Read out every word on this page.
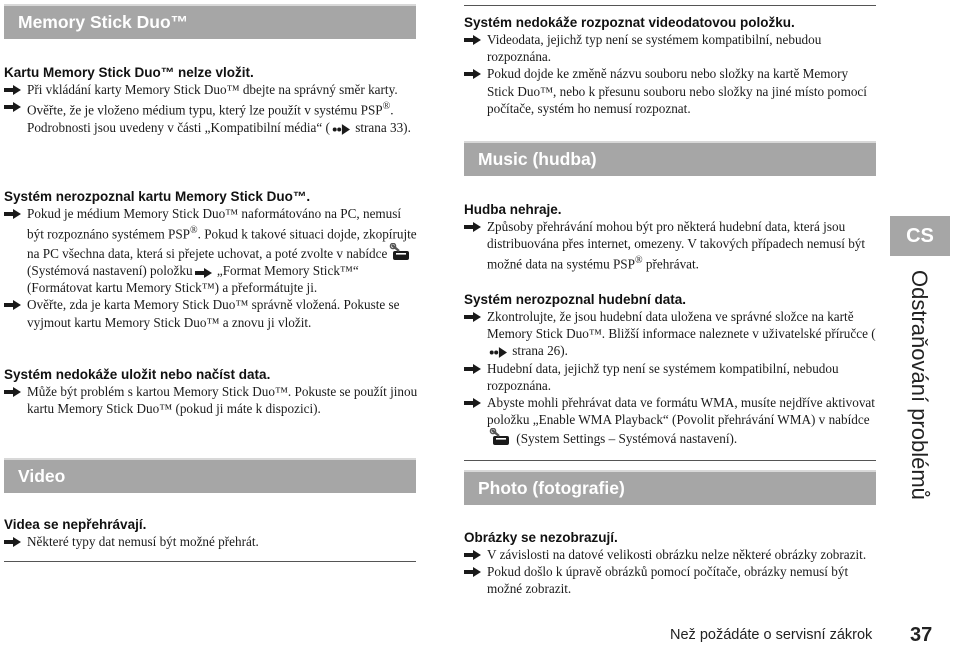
Memory Stick Duo™
Kartu Memory Stick Duo™ nelze vložit.
Při vkládání karty Memory Stick Duo™ dbejte na správný směr karty.
Ověřte, že je vloženo médium typu, který lze použít v systému PSP®. Podrobnosti jsou uvedeny v části „Kompatibilní média“ ( strana 33).
Systém nerozpoznal kartu Memory Stick Duo™.
Pokud je médium Memory Stick Duo™ naformátováno na PC, nemusí být rozpoznáno systémem PSP®. Pokud k takové situaci dojde, zkopírujte na PC všechna data, která si přejete uchovat, a poté zvolte v nabídce (Systémová nastavení) položku „Format Memory Stick™“ (Formátovat kartu Memory Stick™) a přeformátujte ji.
Ověřte, zda je karta Memory Stick Duo™ správně vložená. Pokuste se vyjmout kartu Memory Stick Duo™ a znovu ji vložit.
Systém nedokáže uložit nebo načíst data.
Může být problém s kartou Memory Stick Duo™. Pokuste se použít jinou kartu Memory Stick Duo™ (pokud ji máte k dispozici).
Video
Videa se nepřehrávají.
Některé typy dat nemusí být možné přehrát.
Systém nedokáže rozpoznat videodatovou položku.
Videodata, jejichž typ není se systémem kompatibilní, nebudou rozpoznána.
Pokud dojde ke změně názvu souboru nebo složky na kartě Memory Stick Duo™, nebo k přesunu souboru nebo složky na jiné místo pomocí počítače, systém ho nemusí rozpoznat.
Music (hudba)
Hudba nehraje.
Způsoby přehrávání mohou být pro některá hudební data, která jsou distribuována přes internet, omezeny. V takových případech nemusí být možné data na systému PSP® přehrávat.
Systém nerozpoznal hudební data.
Zkontrolujte, že jsou hudební data uložena ve správné složce na kartě Memory Stick Duo™. Bližší informace naleznete v uživatelské příručce ( strana 26).
Hudební data, jejichž typ není se systémem kompatibilní, nebudou rozpoznána.
Abyste mohli přehrávat data ve formátu WMA, musíte nejdříve aktivovat položku „Enable WMA Playback“ (Povolit přehrávání WMA) v nabídce (System Settings – Systémová nastavení).
Photo (fotografie)
Obrázky se nezobrazují.
V závislosti na datové velikosti obrázku nelze některé obrázky zobrazit.
Pokud došlo k úpravě obrázků pomocí počítače, obrázky nemusí být možné zobrazit.
CS
Odstraňování problémů
Než požádáte o servisní zákrok 37
